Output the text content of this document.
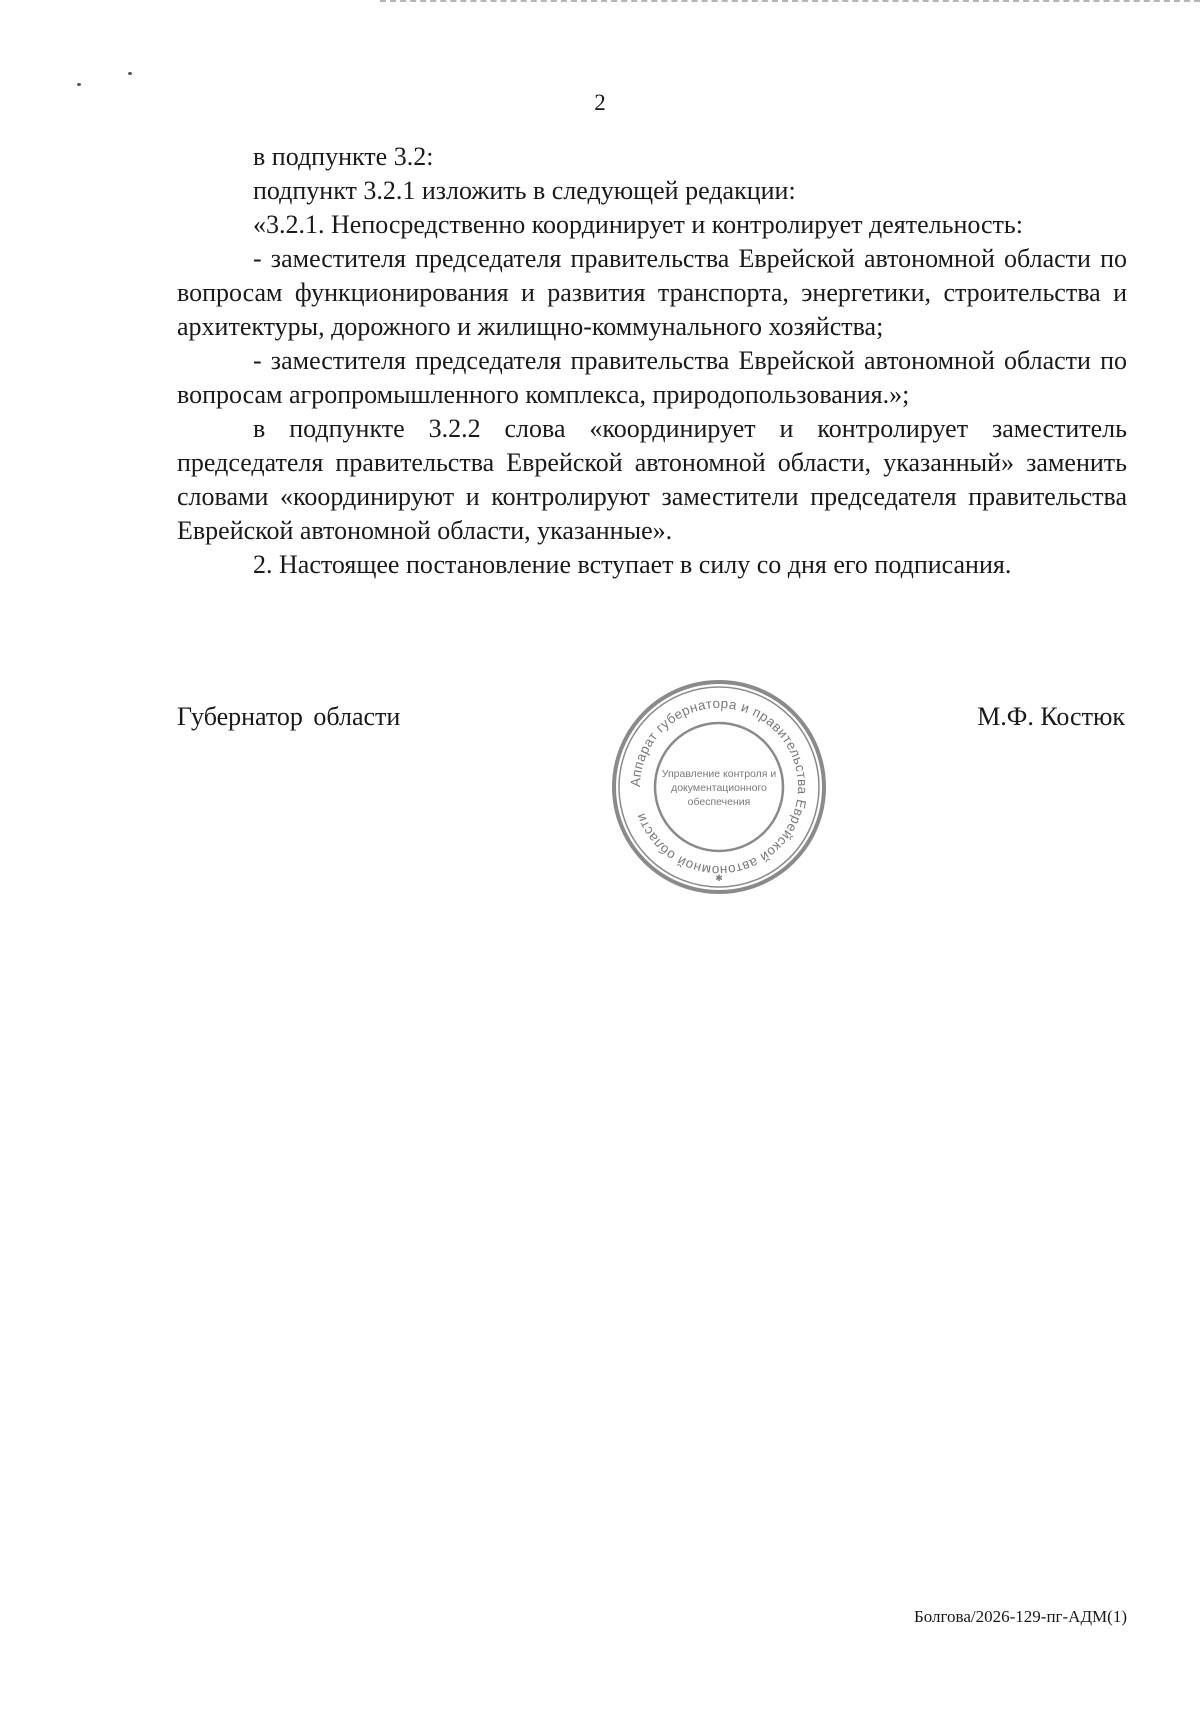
2

в подпункте 3.2:

подпункт 3.2.1 изложить в следующей редакции:

«3.2.1. Непосредственно координирует и контролирует деятельность:

- заместителя председателя правительства Еврейской автономной области по вопросам функционирования и развития транспорта, энергетики, строительства и архитектуры, дорожного и жилищно-коммунального хозяйства;

- заместителя председателя правительства Еврейской автономной области по вопросам агропромышленного комплекса, природопользования.»;

в подпункте 3.2.2 слова «координирует и контролирует заместитель председателя правительства Еврейской автономной области, указанный» заменить словами «координируют и контролируют заместители председателя правительства Еврейской автономной области, указанные».

2. Настоящее постановление вступает в силу со дня его подписания.

Губернатор области	М.Ф. Костюк
Аппарат губернатора и правительства Еврейской автономной области
Управление контроля и
документационного
обеспечения
✱
Болгова/2026-129-пг-АДМ(1)
